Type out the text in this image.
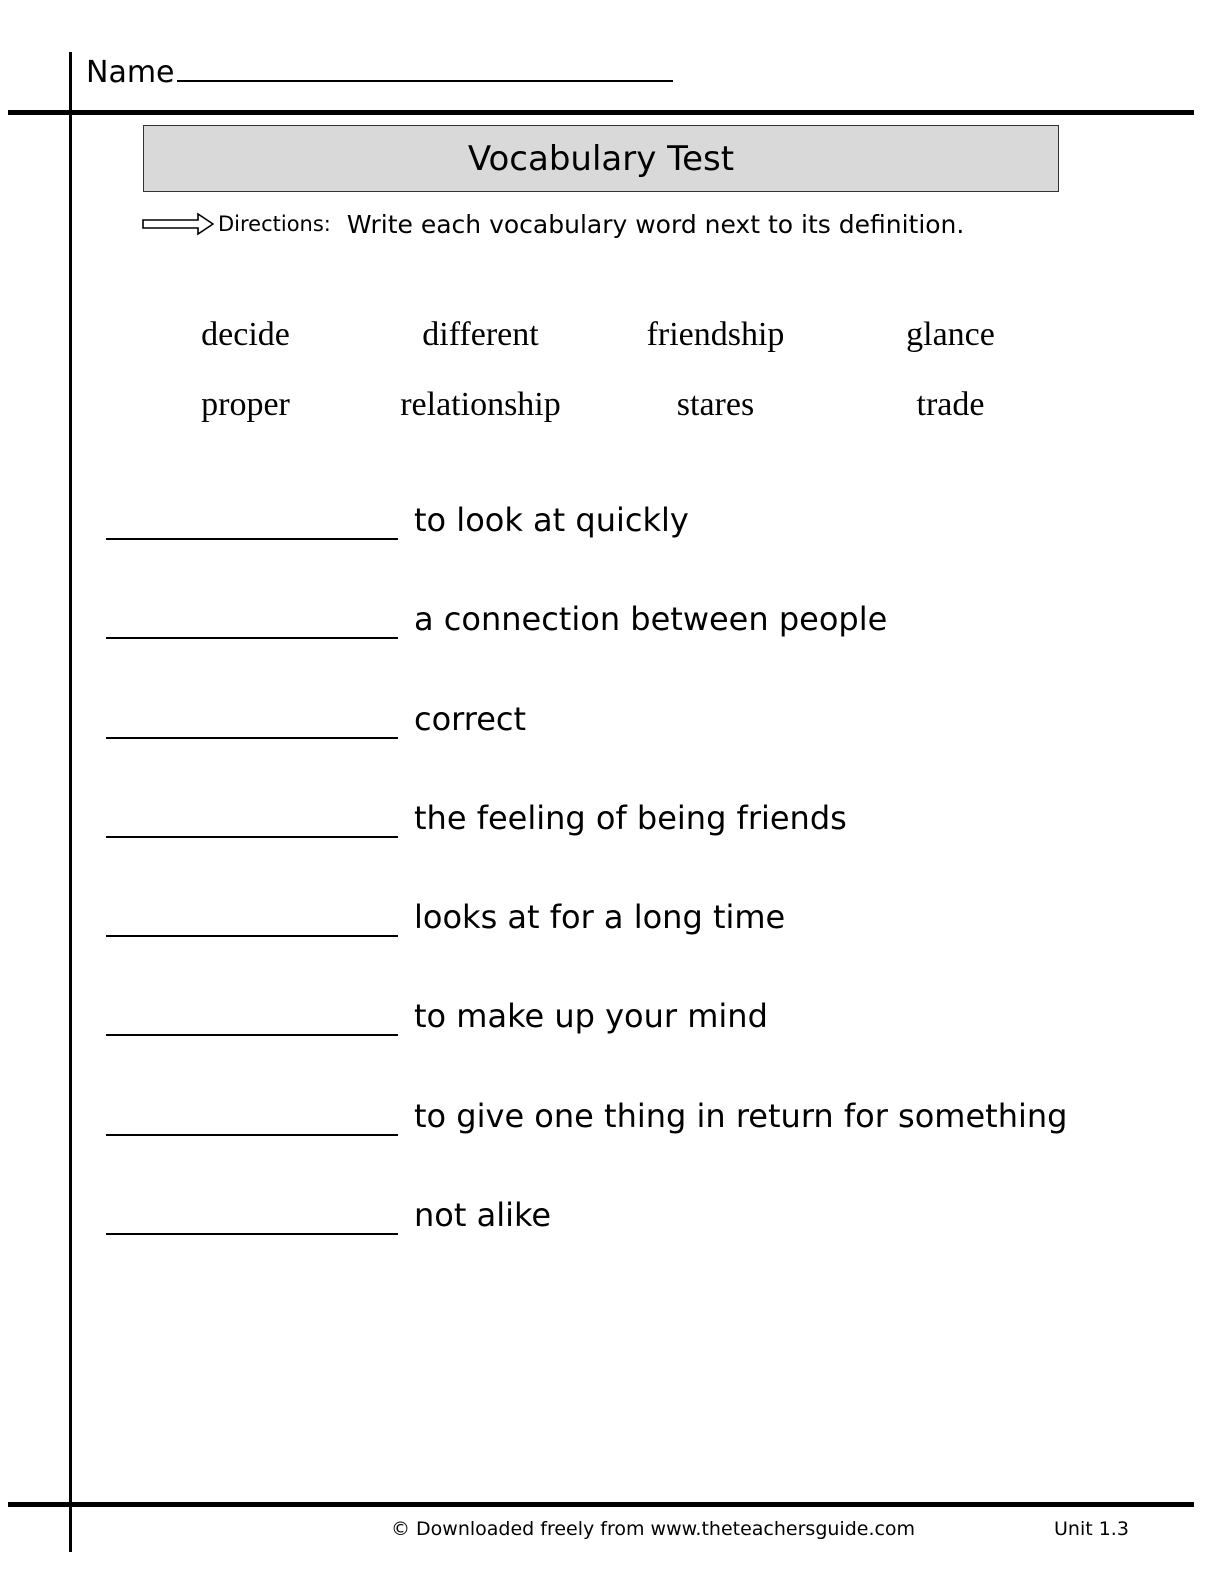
Name
Vocabulary Test
Directions: Write each vocabulary word next to its definition.
decide	different	friendship	glance
proper	relationship	stares	trade
to look at quickly
a connection between people
correct
the feeling of being friends
looks at for a long time
to make up your mind
to give one thing in return for something
not alike
© Downloaded freely from www.theteachersguide.com	Unit 1.3
